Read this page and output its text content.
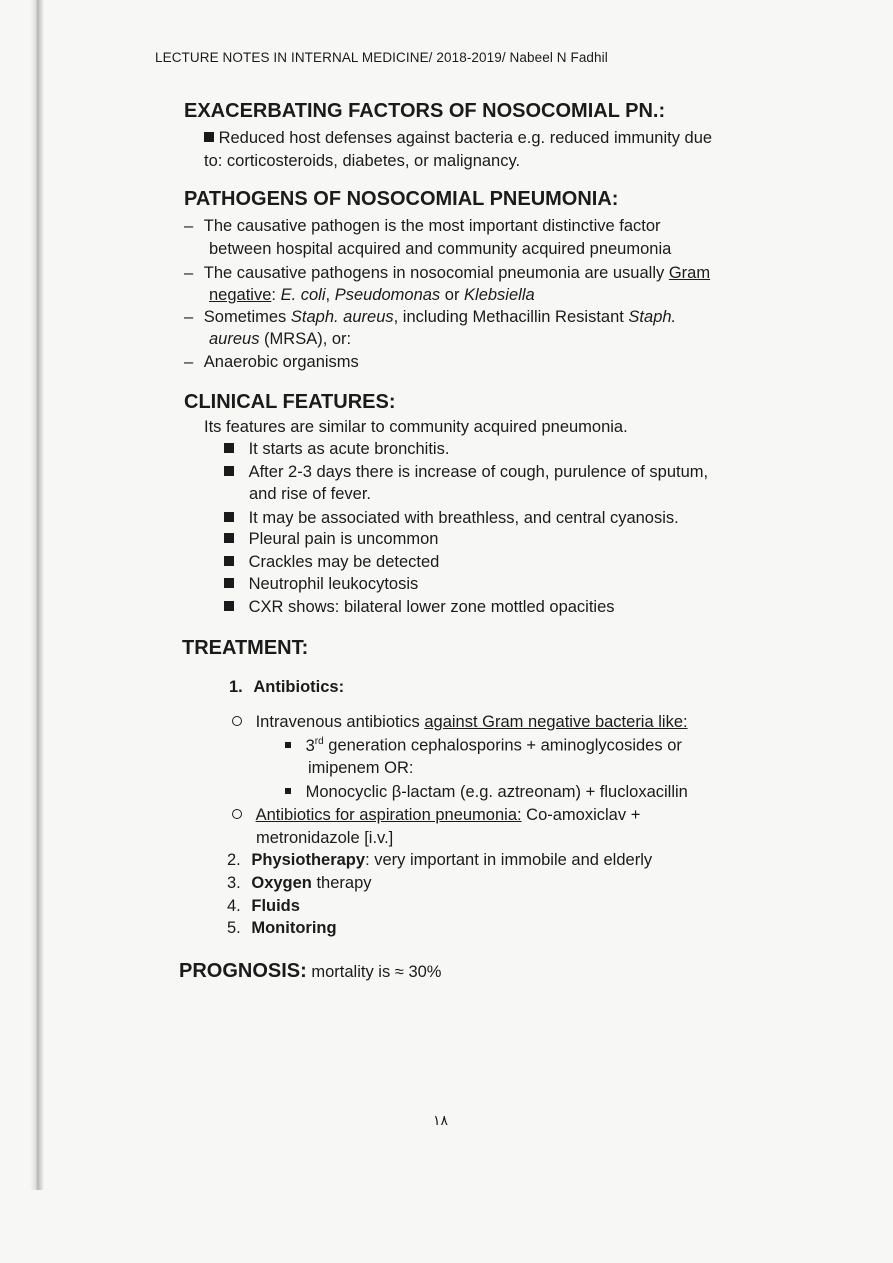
LECTURE NOTES IN INTERNAL MEDICINE/ 2018-2019/ Nabeel N Fadhil
EXACERBATING FACTORS OF NOSOCOMIAL PN.:
Reduced host defenses against bacteria e.g. reduced immunity due
to: corticosteroids, diabetes, or malignancy.
PATHOGENS OF NOSOCOMIAL PNEUMONIA:
– The causative pathogen is the most important distinctive factor
between hospital acquired and community acquired pneumonia
– The causative pathogens in nosocomial pneumonia are usually Gram
negative: E. coli, Pseudomonas or Klebsiella
– Sometimes Staph. aureus, including Methacillin Resistant Staph.
aureus (MRSA), or:
– Anaerobic organisms
CLINICAL FEATURES:
Its features are similar to community acquired pneumonia.
It starts as acute bronchitis.
After 2-3 days there is increase of cough, purulence of sputum,
and rise of fever.
It may be associated with breathless, and central cyanosis.
Pleural pain is uncommon
Crackles may be detected
Neutrophil leukocytosis
CXR shows: bilateral lower zone mottled opacities
TREATMENT:
1. Antibiotics:
Intravenous antibiotics against Gram negative bacteria like:
3rd generation cephalosporins + aminoglycosides or
imipenem OR:
Monocyclic β-lactam (e.g. aztreonam) + flucloxacillin
Antibiotics for aspiration pneumonia: Co-amoxiclav +
metronidazole [i.v.]
2. Physiotherapy: very important in immobile and elderly
3. Oxygen therapy
4. Fluids
5. Monitoring
PROGNOSIS: mortality is ≈ 30%
١٨
